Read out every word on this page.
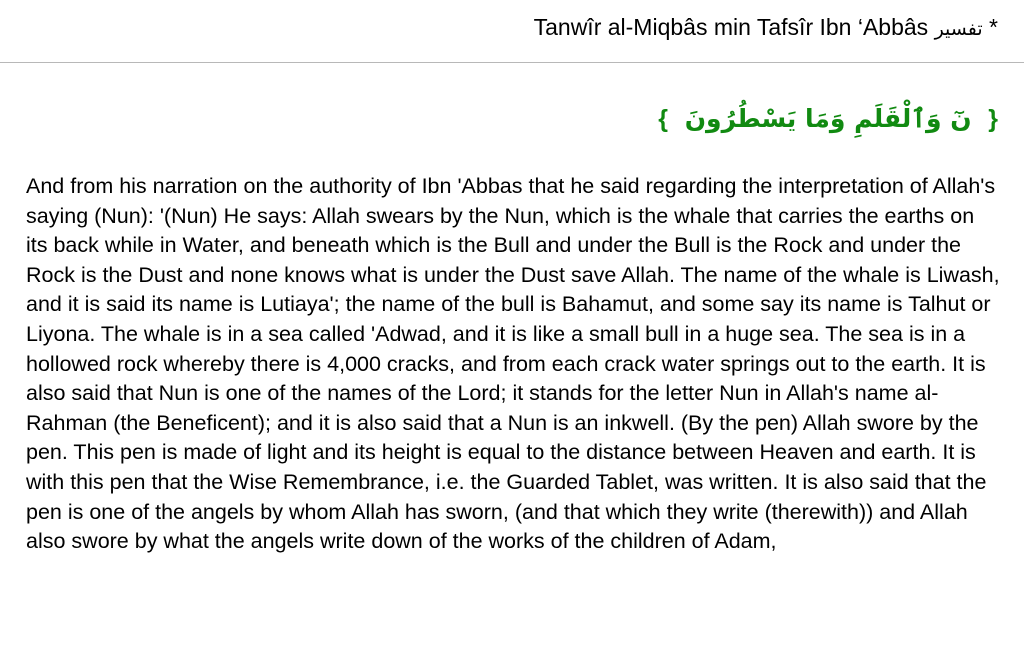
Tanwîr al-Miqbâs min Tafsîr Ibn ‘Abbâs تفسير *
{ نٓ وَٱلْقَلَمِ وَمَا يَسْطُرُونَ }

And from his narration on the authority of Ibn 'Abbas that he said regarding the interpretation of Allah's saying (Nun): '(Nun) He says: Allah swears by the Nun, which is the whale that carries the earths on its back while in Water, and beneath which is the Bull and under the Bull is the Rock and under the Rock is the Dust and none knows what is under the Dust save Allah. The name of the whale is Liwash, and it is said its name is Lutiaya'; the name of the bull is Bahamut, and some say its name is Talhut or Liyona. The whale is in a sea called 'Adwad, and it is like a small bull in a huge sea. The sea is in a hollowed rock whereby there is 4,000 cracks, and from each crack water springs out to the earth. It is also said that Nun is one of the names of the Lord; it stands for the letter Nun in Allah's name al-Rahman (the Beneficent); and it is also said that a Nun is an inkwell. (By the pen) Allah swore by the pen. This pen is made of light and its height is equal to the distance between Heaven and earth. It is with this pen that the Wise Remembrance, i.e. the Guarded Tablet, was written. It is also said that the pen is one of the angels by whom Allah has sworn, (and that which they write (therewith)) and Allah also swore by what the angels write down of the works of the children of Adam,
